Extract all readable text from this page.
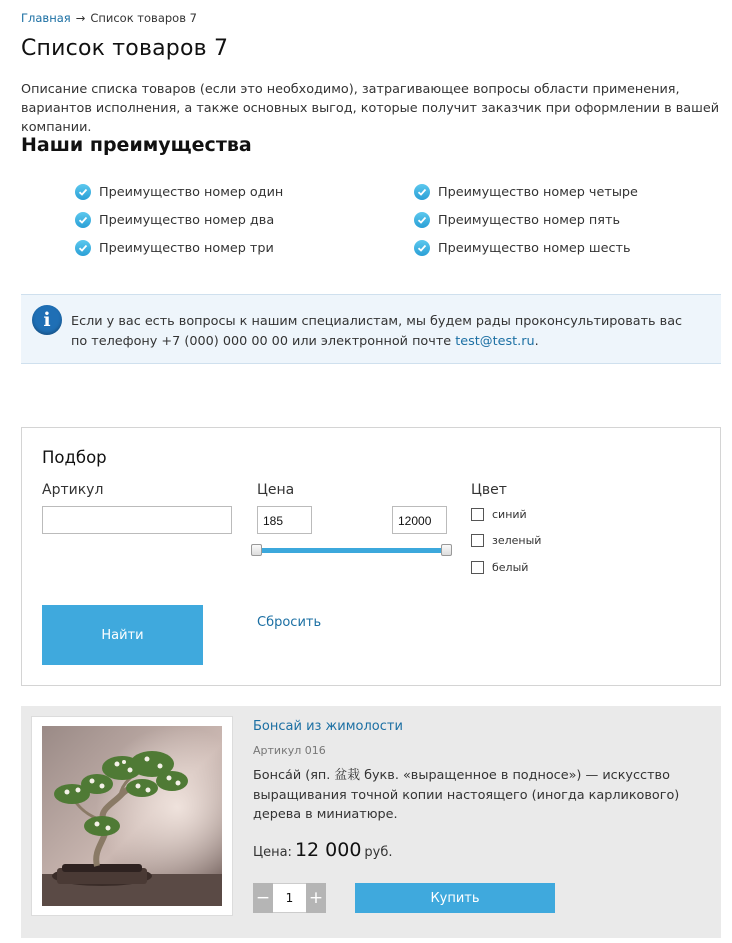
Главная → Список товаров 7
Список товаров 7

Описание списка товаров (если это необходимо), затрагивающее вопросы области применения, вариантов исполнения, а также основных выгод, которые получит заказчик при оформлении в вашей компании.

Наши преимущества
Преимущество номер один
Преимущество номер два
Преимущество номер три
Преимущество номер четыре
Преимущество номер пять
Преимущество номер шесть
i	Если у вас есть вопросы к нашим специалистам, мы будем рады проконсультировать вас по телефону +7 (000) 000 00 00 или электронной почте test@test.ru.
Подбор
Артикул	Цена
185	12000
Цвет
синий
зеленый
белый
Найти
Сбросить
Бонсай из жимолости
Артикул 016
Бонса́й (яп. 盆栽 букв. «выращенное в подносе») — искусство выращивания точной копии настоящего (иногда карликового) дерева в миниатюре.
Цена: 12 000 руб.
−	1 +	Купить
